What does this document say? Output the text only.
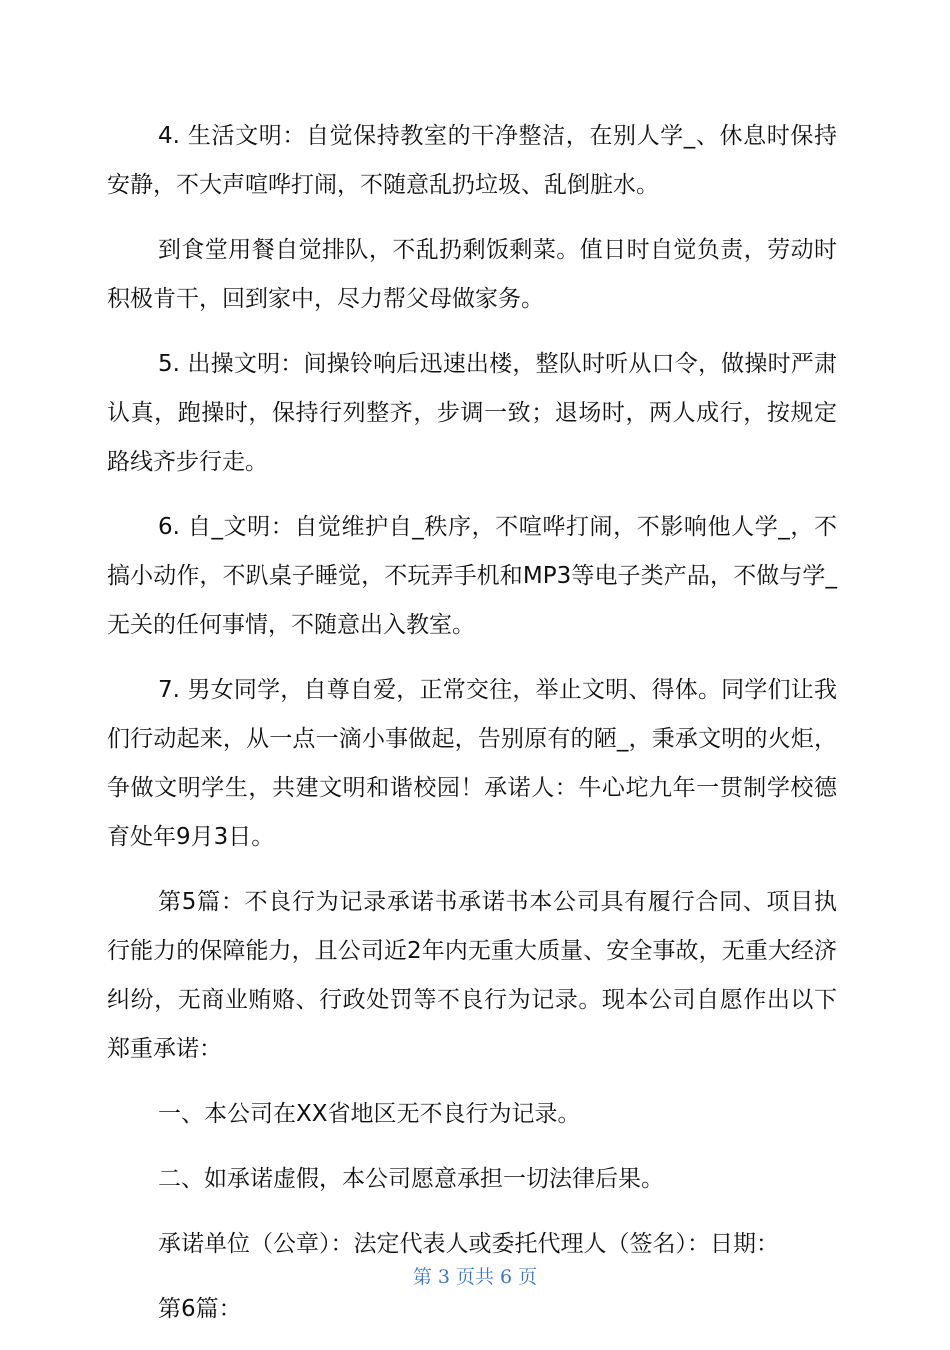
4. 生活文明：自觉保持教室的干净整洁，在别人学_、休息时保持安静，不大声喧哗打闹，不随意乱扔垃圾、乱倒脏水。

到食堂用餐自觉排队，不乱扔剩饭剩菜。值日时自觉负责，劳动时积极肯干，回到家中，尽力帮父母做家务。

5. 出操文明：间操铃响后迅速出楼，整队时听从口令，做操时严肃认真，跑操时，保持行列整齐，步调一致；退场时，两人成行，按规定路线齐步行走。

6. 自_文明：自觉维护自_秩序，不喧哗打闹，不影响他人学_，不搞小动作，不趴桌子睡觉，不玩弄手机和MP3等电子类产品，不做与学_无关的任何事情，不随意出入教室。

7. 男女同学，自尊自爱，正常交往，举止文明、得体。同学们让我们行动起来，从一点一滴小事做起，告别原有的陋_，秉承文明的火炬，争做文明学生，共建文明和谐校园！承诺人：牛心坨九年一贯制学校德育处年9月3日。

第5篇：不良行为记录承诺书承诺书本公司具有履行合同、项目执行能力的保障能力，且公司近2年内无重大质量、安全事故，无重大经济纠纷，无商业贿赂、行政处罚等不良行为记录。现本公司自愿作出以下郑重承诺：

一、本公司在XX省地区无不良行为记录。

二、如承诺虚假，本公司愿意承担一切法律后果。

承诺单位（公章）：法定代表人或委托代理人（签名）：日期：

第6篇：

第 3 页共 6 页
